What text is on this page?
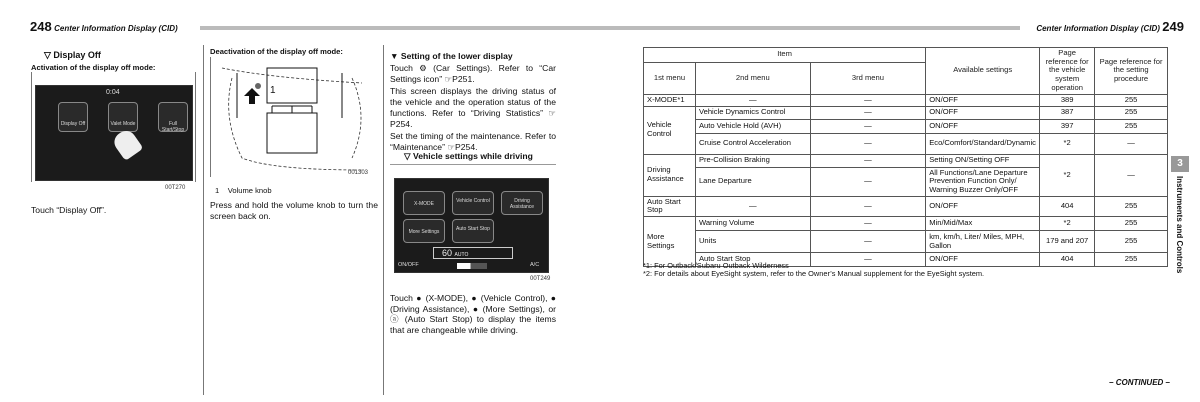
248 Center Information Display (CID)	Center Information Display (CID) 249
▽ Display Off
Activation of the display off mode:
0:04
Display Off	Valet Mode	Full Start/Stop
00T270
Touch “Display Off”.
Deactivation of the display off mode:
1
001303
1 Volume knob

Press and hold the volume knob to turn the screen back on.

▼ Setting of the lower display

Touch ⚙ (Car Settings). Refer to “Car Settings icon” ☞P251.

This screen displays the driving status of the vehicle and the operation status of the functions. Refer to “Driving Statistics” ☞P254.

Set the timing of the maintenance. Refer to “Maintenance” ☞P254.

▽ Vehicle settings while driving
X-MODE	Vehicle Control	Driving Assistance
More Settings	Auto Start Stop
60 AUTO
ON/OFF	A/C
00T249

Touch ● (X-MODE), ● (Vehicle Control), ● (Driving Assistance), ● (More Settings), or ⓐ (Auto Start Stop) to display the items that are changeable while driving.

Item			Available settings	Page reference for the vehicle system operation	Page reference for the setting procedure
1st menu	2nd menu	3rd menu			
X-MODE*1	—	—	ON/OFF	389	255
Vehicle Control	Vehicle Dynamics Control	—	ON/OFF	387	255
	Auto Vehicle Hold (AVH)	—	ON/OFF	397	255
	Cruise Control Acceleration	—	Eco/Comfort/Standard/Dynamic	*2	—
Driving Assistance	Pre-Collision Braking	—	Setting ON/Setting OFF	*2	—
	Lane Departure	—	All Functions/Lane Departure Prevention Function Only/ Warning Buzzer Only/OFF		
Auto Start Stop	—	—	ON/OFF	404	255
More Settings	Warning Volume	—	Min/Mid/Max	*2	255
	Units	—	km, km/h, Liter/ Miles, MPH, Gallon	179 and 207	255
	Auto Start Stop	—	ON/OFF	404	255
*1: For Outback/Subaru Outback Wilderness
*2: For details about EyeSight system, refer to the Owner’s Manual supplement for the EyeSight system.
3
Instruments and Controls
– CONTINUED –
